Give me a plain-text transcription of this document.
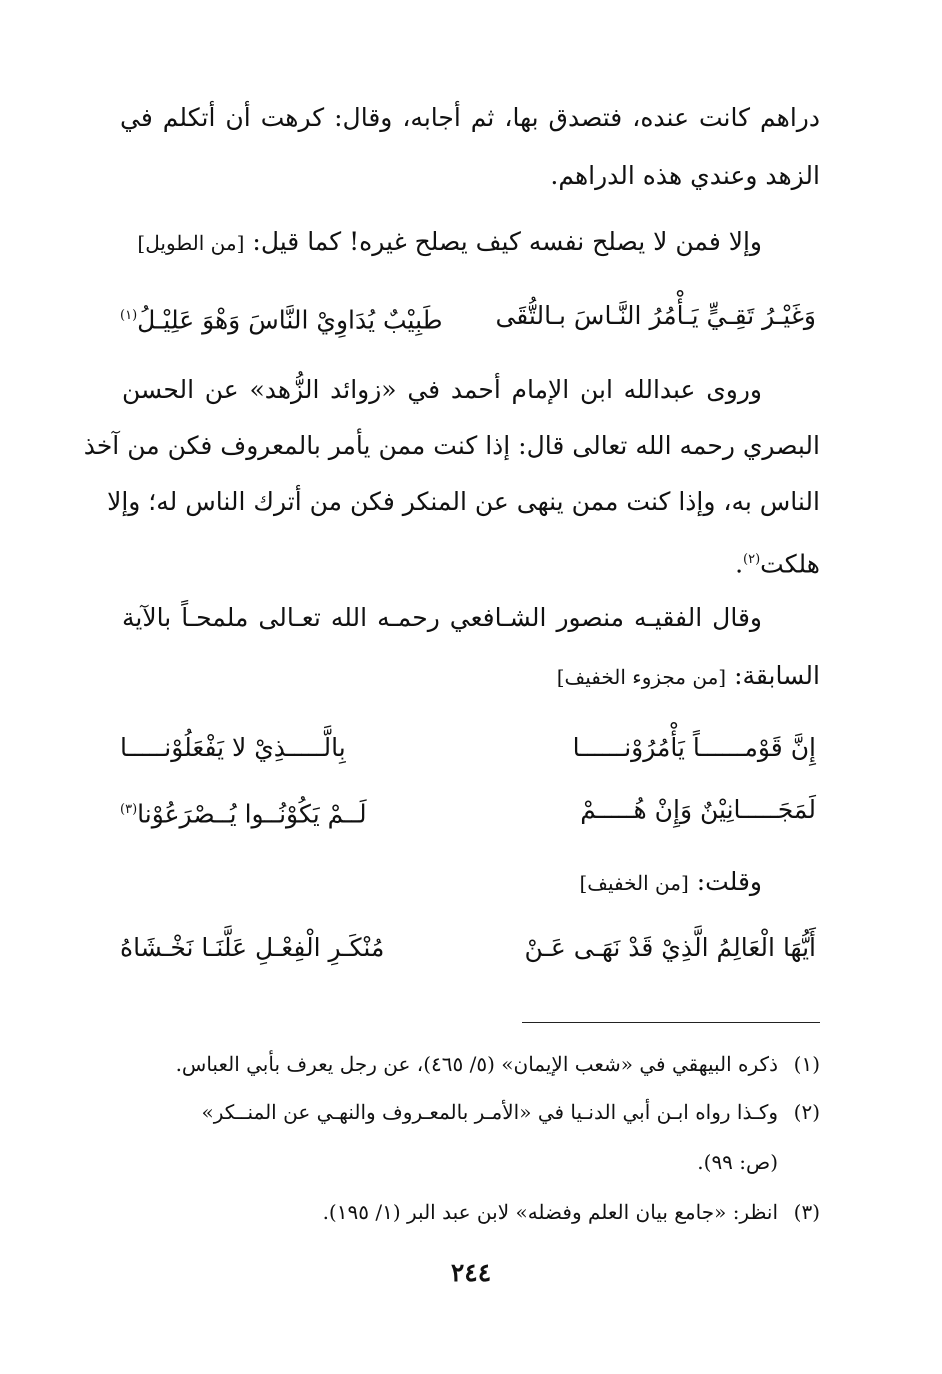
دراهم كانت عنده، فتصدق بها، ثم أجابه، وقال: كرهت أن أتكلم في
الزهد وعندي هذه الدراهم.
وإلا فمن لا يصلح نفسه كيف يصلح غيره! كما قيل: [من الطويل]
وَغَيْـرُ تَقِـيٍّ يَـأْمُرُ النَّـاسَ بـالتُّقَى
طَبِيْبٌ يُدَاوِيْ النَّاسَ وَهْوَ عَلِيْـلُ$^{(١)}$
وروى عبدالله ابن الإمام أحمد في «زوائد الزُّهد» عن الحسن
البصري رحمه الله تعالى قال: إذا كنت ممن يأمر بالمعروف فكن من آخذ
الناس به، وإذا كنت ممن ينهى عن المنكر فكن من أترك الناس له؛ وإلا
هلكت$^{(٢)}$.
وقال الفقيـه منصور الشـافعي رحمـه الله تعـالى ملمحـاً بالآية
السابقة: [من مجزوء الخفيف]
إِنَّ قَوْمــــــاً يَأْمُرُوْنــــــا
بِالَّـــــذِيْ لا يَفْعَلُوْنـــــا
لَمَجَـــــانِيْنٌ وَإِنْ هُـــــمْ
لَــمْ يَكُوْنُــوا يُــصْرَعُوْنا$^{(٣)}$
وقلت: [من الخفيف]
أَيُّهَا الْعَالِمُ الَّذِيْ قَدْ نَهَـى عَـنْ
مُنْكَـرِ الْفِعْـلِ عَلَّنَـا نَخْـشَاهُ
(١)ذكره البيهقي في «شعب الإيمان» (٥/ ٤٦٥)، عن رجل يعرف بأبي العباس.
(٢)وكـذا رواه ابـن أبي الدنـيا في «الأمـر بالمعـروف والنهـي عن المنــكر»
(ص: ٩٩).
(٣)انظر: «جامع بيان العلم وفضله» لابن عبد البر (١/ ١٩٥).
٢٤٤
